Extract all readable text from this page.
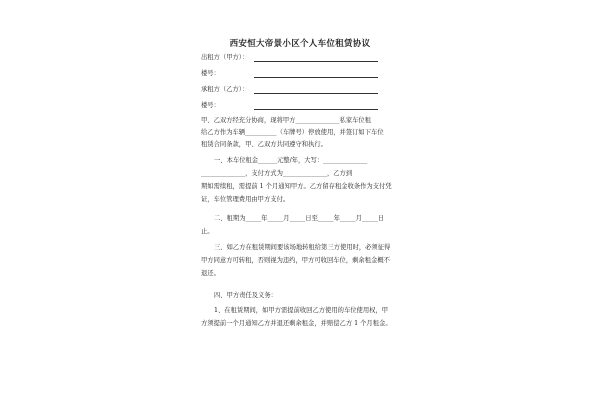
西安恒大帝景小区个人车位租赁协议
出租方（甲方）：
楼号：
承租方（乙方）：
楼号：
甲、乙双方经充分协商，现将甲方______________私家车位租
给乙方作为车辆__________（车牌号）停放使用，并签订如下车位
租赁合同条款，甲、乙双方共同遵守和执行。
一、本车位租金______元整/年，大写：______________
______________，支付方式为______________，乙方到
期如需续租，需提前 1 个月通知甲方。乙方留存租金收条作为支付凭
证，车位管理费用由甲方支付。
二、租期为_____年_____月_____日至_____年_____月_____日
止。
三、如乙方在租赁期间要该场地转租给第三方使用时，必须征得
甲方同意方可转租，否则视为违约，甲方可收回车位，剩余租金概不
退还。
四、甲方责任及义务：
1、在租赁期间，如甲方需提前收回乙方使用的车位使用权，甲
方须提前一个月通知乙方并退还剩余租金，并赔偿乙方 1 个月租金。
